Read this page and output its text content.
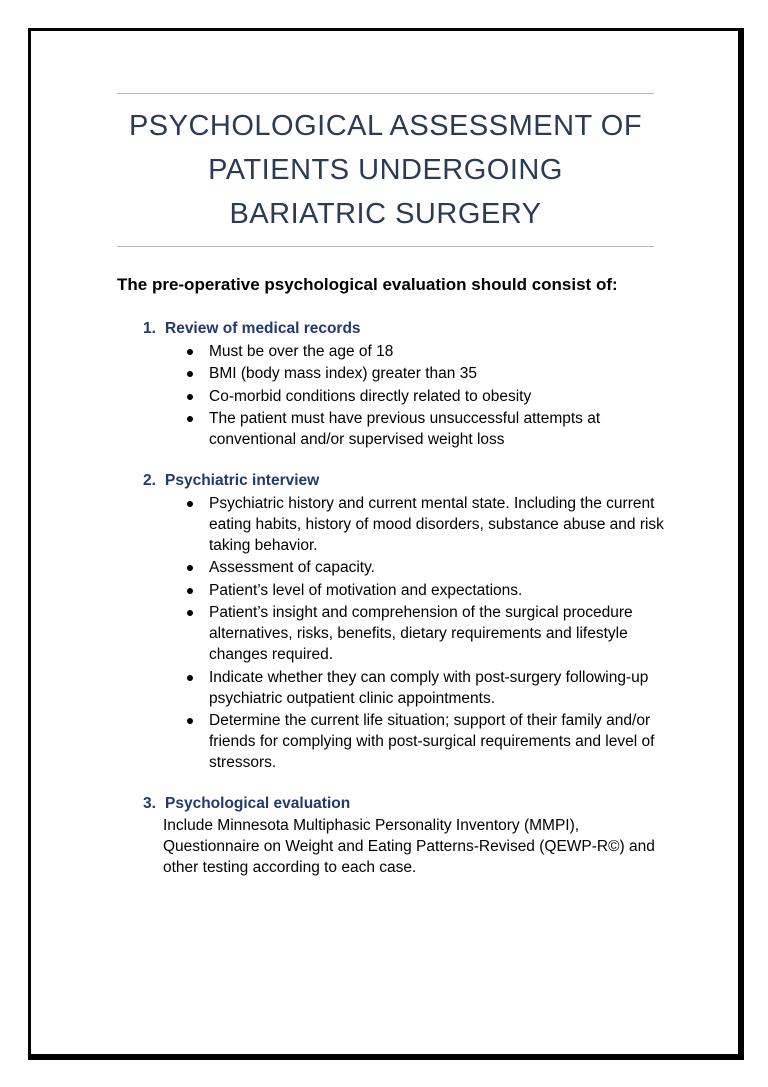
PSYCHOLOGICAL ASSESSMENT OF
PATIENTS UNDERGOING
BARIATRIC SURGERY
The pre-operative psychological evaluation should consist of:
1. Review of medical records
Must be over the age of 18
BMI (body mass index) greater than 35
Co-morbid conditions directly related to obesity
The patient must have previous unsuccessful attempts at conventional and/or supervised weight loss
2. Psychiatric interview
Psychiatric history and current mental state. Including the current eating habits, history of mood disorders, substance abuse and risk taking behavior.
Assessment of capacity.
Patient’s level of motivation and expectations.
Patient’s insight and comprehension of the surgical procedure alternatives, risks, benefits, dietary requirements and lifestyle changes required.
Indicate whether they can comply with post-surgery following-up psychiatric outpatient clinic appointments.
Determine the current life situation; support of their family and/or friends for complying with post-surgical requirements and level of stressors.
3. Psychological evaluation
Include Minnesota Multiphasic Personality Inventory (MMPI), Questionnaire on Weight and Eating Patterns-Revised (QEWP-R©) and other testing according to each case.
